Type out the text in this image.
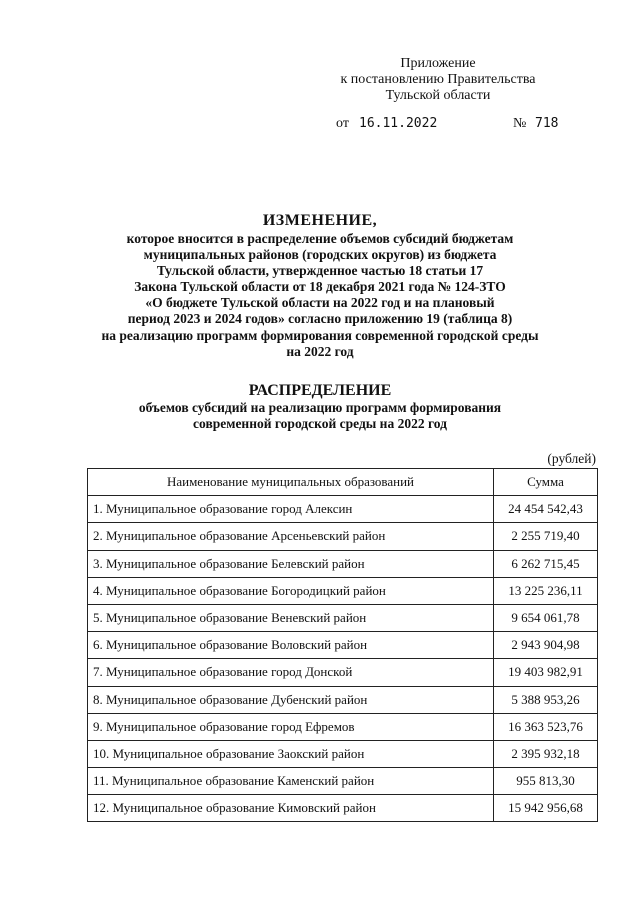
Приложение
к постановлению Правительства
Тульской области
от 16.11.2022	№ 718
ИЗМЕНЕНИЕ,
которое вносится в распределение объемов субсидий бюджетам
муниципальных районов (городских округов) из бюджета
Тульской области, утвержденное частью 18 статьи 17
Закона Тульской области от 18 декабря 2021 года № 124-ЗТО
«О бюджете Тульской области на 2022 год и на плановый
период 2023 и 2024 годов» согласно приложению 19 (таблица 8)
на реализацию программ формирования современной городской среды
на 2022 год
РАСПРЕДЕЛЕНИЕ
объемов субсидий на реализацию программ формирования
современной городской среды на 2022 год
(рублей)
Наименование муниципальных образований	Сумма
1. Муниципальное образование город Алексин	24 454 542,43
2. Муниципальное образование Арсеньевский район	2 255 719,40
3. Муниципальное образование Белевский район	6 262 715,45
4. Муниципальное образование Богородицкий район	13 225 236,11
5. Муниципальное образование Веневский район	9 654 061,78
6. Муниципальное образование Воловский район	2 943 904,98
7. Муниципальное образование город Донской	19 403 982,91
8. Муниципальное образование Дубенский район	5 388 953,26
9. Муниципальное образование город Ефремов	16 363 523,76
10. Муниципальное образование Заокский район	2 395 932,18
11. Муниципальное образование Каменский район	955 813,30
12. Муниципальное образование Кимовский район	15 942 956,68
